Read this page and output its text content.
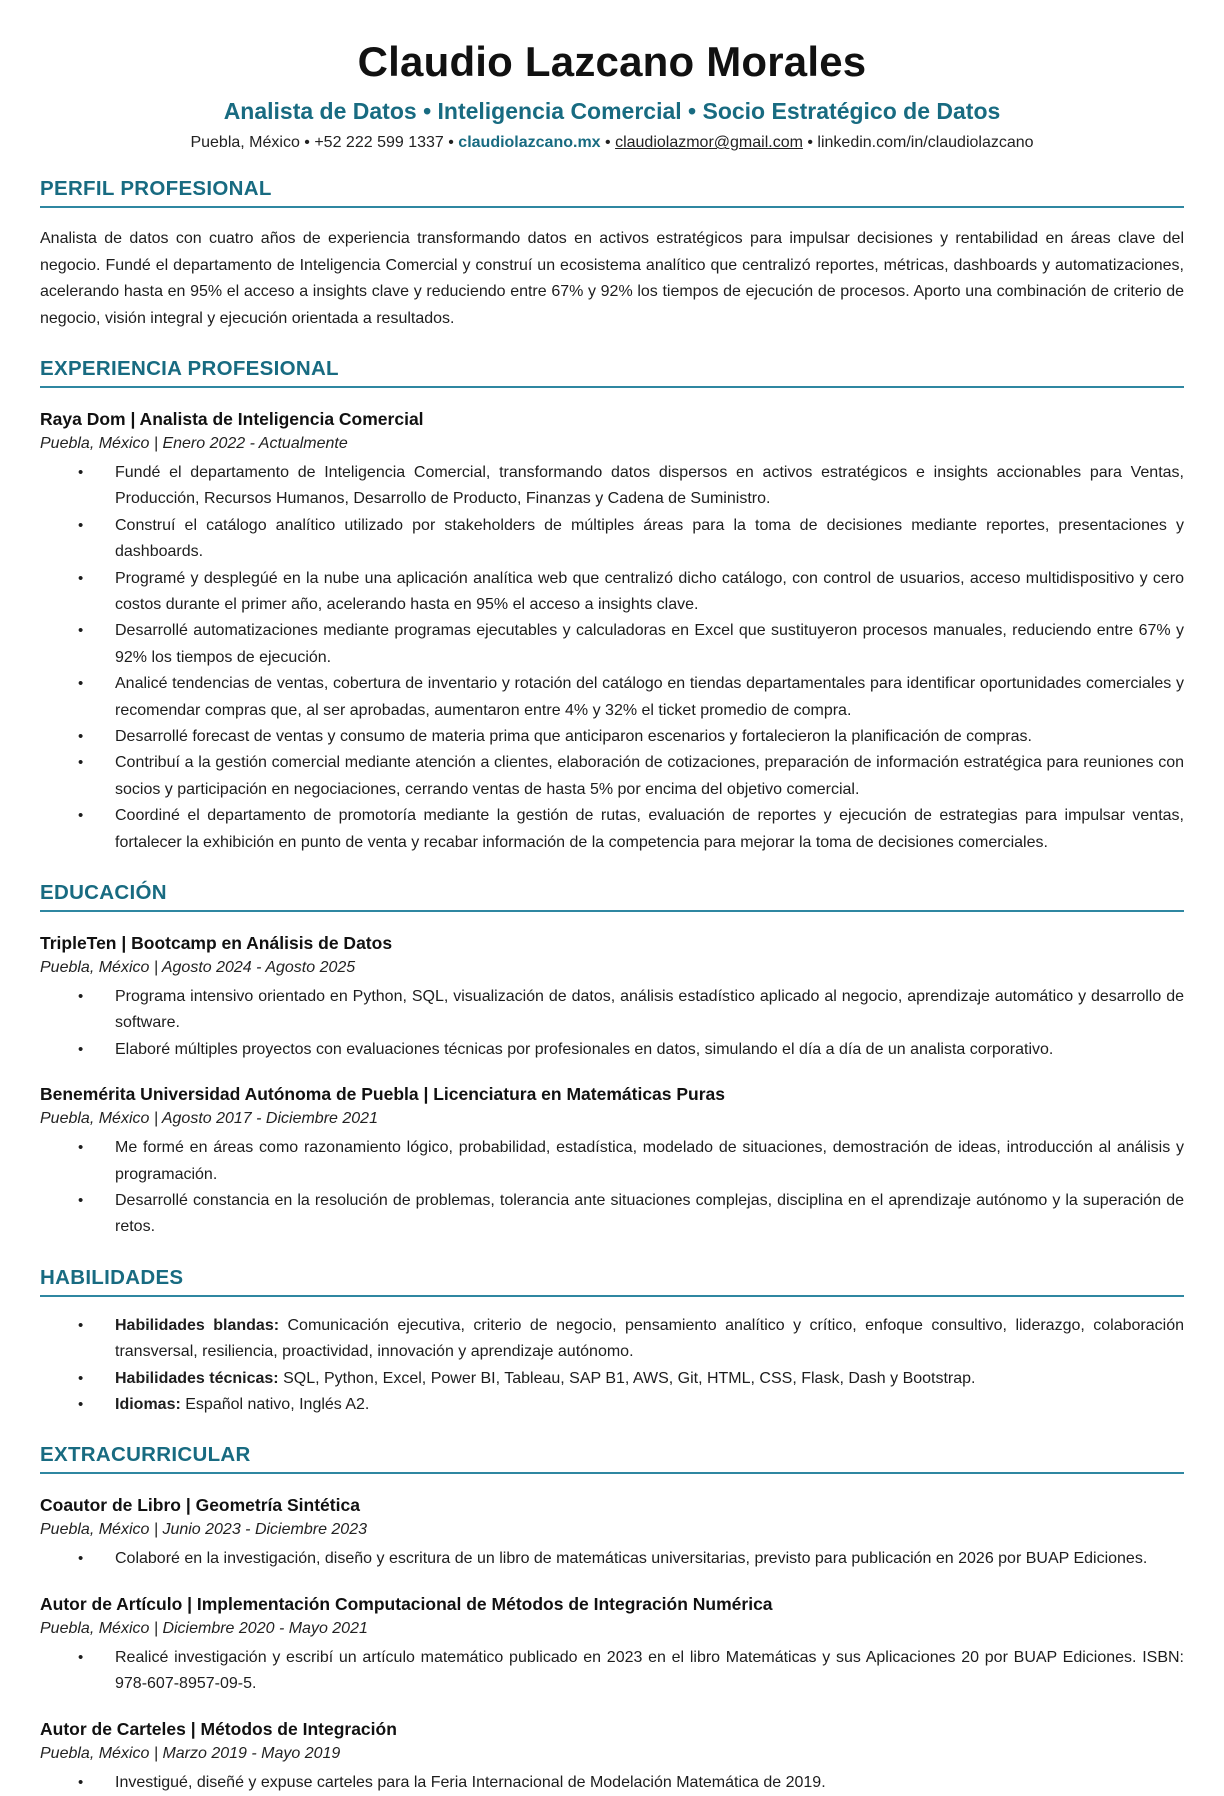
Claudio Lazcano Morales
Analista de Datos • Inteligencia Comercial • Socio Estratégico de Datos
Puebla, México • +52 222 599 1337 • claudiolazcano.mx • claudiolazmor@gmail.com • linkedin.com/in/claudiolazcano
PERFIL PROFESIONAL

Analista de datos con cuatro años de experiencia transformando datos en activos estratégicos para impulsar decisiones y rentabilidad en áreas clave del negocio. Fundé el departamento de Inteligencia Comercial y construí un ecosistema analítico que centralizó reportes, métricas, dashboards y automatizaciones, acelerando hasta en 95% el acceso a insights clave y reduciendo entre 67% y 92% los tiempos de ejecución de procesos. Aporto una combinación de criterio de negocio, visión integral y ejecución orientada a resultados.

EXPERIENCIA PROFESIONAL
Raya Dom | Analista de Inteligencia Comercial
Puebla, México | Enero 2022 - Actualmente
• Fundé el departamento de Inteligencia Comercial, transformando datos dispersos en activos estratégicos e insights accionables para Ventas, Producción, Recursos Humanos, Desarrollo de Producto, Finanzas y Cadena de Suministro.
• Construí el catálogo analítico utilizado por stakeholders de múltiples áreas para la toma de decisiones mediante reportes, presentaciones y dashboards.
• Programé y desplegúé en la nube una aplicación analítica web que centralizó dicho catálogo, con control de usuarios, acceso multidispositivo y cero costos durante el primer año, acelerando hasta en 95% el acceso a insights clave.
• Desarrollé automatizaciones mediante programas ejecutables y calculadoras en Excel que sustituyeron procesos manuales, reduciendo entre 67% y 92% los tiempos de ejecución.
• Analicé tendencias de ventas, cobertura de inventario y rotación del catálogo en tiendas departamentales para identificar oportunidades comerciales y recomendar compras que, al ser aprobadas, aumentaron entre 4% y 32% el ticket promedio de compra.
• Desarrollé forecast de ventas y consumo de materia prima que anticiparon escenarios y fortalecieron la planificación de compras.
• Contribuí a la gestión comercial mediante atención a clientes, elaboración de cotizaciones, preparación de información estratégica para reuniones con socios y participación en negociaciones, cerrando ventas de hasta 5% por encima del objetivo comercial.
• Coordiné el departamento de promotoría mediante la gestión de rutas, evaluación de reportes y ejecución de estrategias para impulsar ventas, fortalecer la exhibición en punto de venta y recabar información de la competencia para mejorar la toma de decisiones comerciales.
EDUCACIÓN
TripleTen | Bootcamp en Análisis de Datos
Puebla, México | Agosto 2024 - Agosto 2025
• Programa intensivo orientado en Python, SQL, visualización de datos, análisis estadístico aplicado al negocio, aprendizaje automático y desarrollo de software.
• Elaboré múltiples proyectos con evaluaciones técnicas por profesionales en datos, simulando el día a día de un analista corporativo.
Benemérita Universidad Autónoma de Puebla | Licenciatura en Matemáticas Puras
Puebla, México | Agosto 2017 - Diciembre 2021
• Me formé en áreas como razonamiento lógico, probabilidad, estadística, modelado de situaciones, demostración de ideas, introducción al análisis y programación.
• Desarrollé constancia en la resolución de problemas, tolerancia ante situaciones complejas, disciplina en el aprendizaje autónomo y la superación de retos.
HABILIDADES
• Habilidades blandas: Comunicación ejecutiva, criterio de negocio, pensamiento analítico y crítico, enfoque consultivo, liderazgo, colaboración transversal, resiliencia, proactividad, innovación y aprendizaje autónomo.
• Habilidades técnicas: SQL, Python, Excel, Power BI, Tableau, SAP B1, AWS, Git, HTML, CSS, Flask, Dash y Bootstrap.
• Idiomas: Español nativo, Inglés A2.
EXTRACURRICULAR
Coautor de Libro | Geometría Sintética
Puebla, México | Junio 2023 - Diciembre 2023
• Colaboré en la investigación, diseño y escritura de un libro de matemáticas universitarias, previsto para publicación en 2026 por BUAP Ediciones.
Autor de Artículo | Implementación Computacional de Métodos de Integración Numérica
Puebla, México | Diciembre 2020 - Mayo 2021
• Realicé investigación y escribí un artículo matemático publicado en 2023 en el libro Matemáticas y sus Aplicaciones 20 por BUAP Ediciones. ISBN: 978-607-8957-09-5.
Autor de Carteles | Métodos de Integración
Puebla, México | Marzo 2019 - Mayo 2019
• Investigué, diseñé y expuse carteles para la Feria Internacional de Modelación Matemática de 2019.
